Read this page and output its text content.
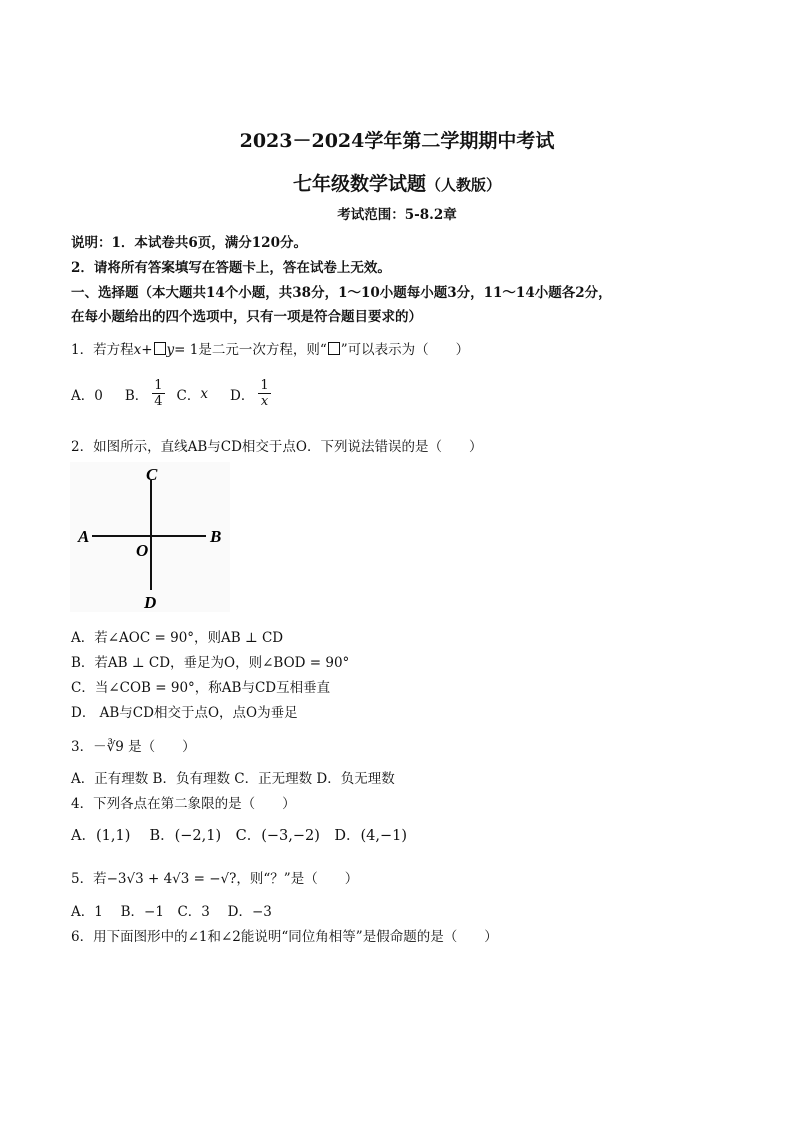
2023－2024学年第二学期期中考试
七年级数学试题（人教版）
考试范围：5-8.2章
说明：1．本试卷共6页，满分120分。
2．请将所有答案填写在答题卡上，答在试卷上无效。
一、选择题（本大题共14个小题，共38分，1～10小题每小题3分，11～14小题各2分，
在每小题给出的四个选项中，只有一项是符合题目要求的）
1．若方程x+ y= 1是二元一次方程，则“ ”可以表示为（　　）
A．0 B． $\frac{1}{4}$ C． x D． $\frac{1}{x}$
2．如图所示，直线AB与CD相交于点O．下列说法错误的是（　　）
C
A
O
B
D
A．若∠AOC = 90°，则AB ⊥ CD
B．若AB ⊥ CD，垂足为O，则∠BOD = 90°
C．当∠COB = 90°，称AB与CD互相垂直
D． AB与CD相交于点O，点O为垂足
3．－∛9 是（　　）
A．正有理数 B．负有理数 C．正无理数 D．负无理数
4．下列各点在第二象限的是（　　）
A．(1,1)　 B．(−2,1)　C．(−3,−2)　D．(4,−1)
5．若−3√3 + 4√3 = −√?，则“？”是（　　）
A．1　 B．−1　C．3　 D．−3
6．用下面图形中的∠1和∠2能说明“同位角相等”是假命题的是（　　）
